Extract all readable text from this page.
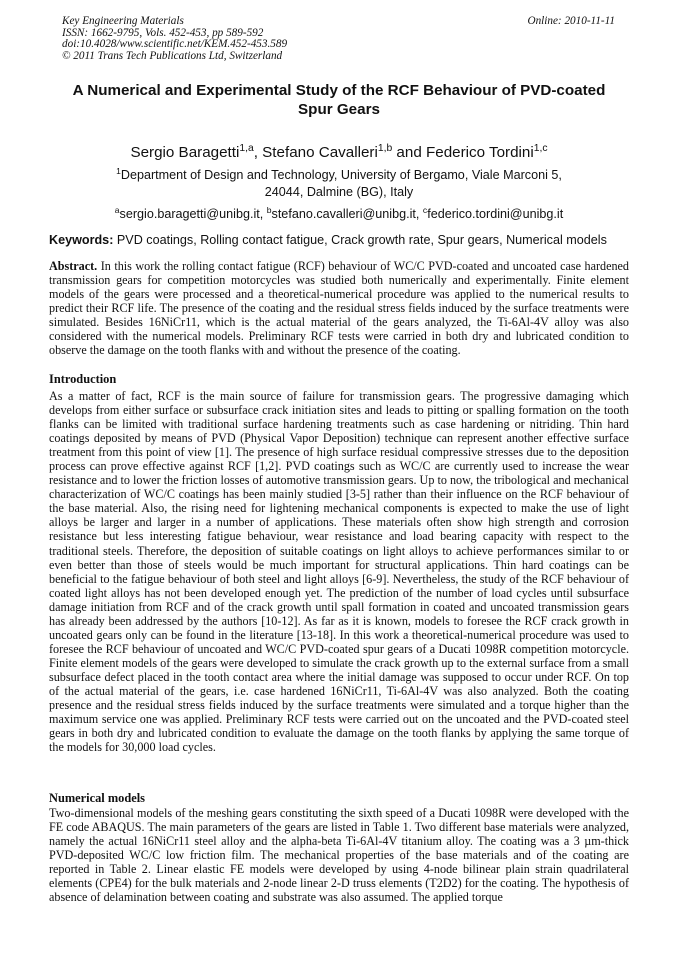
Key Engineering Materials
ISSN: 1662-9795, Vols. 452-453, pp 589-592
doi:10.4028/www.scientific.net/KEM.452-453.589
© 2011 Trans Tech Publications Ltd, Switzerland
Online: 2010-11-11
A Numerical and Experimental Study of the RCF Behaviour of PVD-coated
Spur Gears
Sergio Baragetti$^{1,a}$, Stefano Cavalleri$^{1,b}$ and Federico Tordini$^{1,c}$
$^1$Department of Design and Technology, University of Bergamo, Viale Marconi 5,
24044, Dalmine (BG), Italy
$^a$sergio.baragetti@unibg.it, $^b$stefano.cavalleri@unibg.it, $^c$federico.tordini@unibg.it
Keywords: PVD coatings, Rolling contact fatigue, Crack growth rate, Spur gears, Numerical models
Abstract. In this work the rolling contact fatigue (RCF) behaviour of WC/C PVD-coated and uncoated case hardened transmission gears for competition motorcycles was studied both numerically and experimentally. Finite element models of the gears were processed and a theoretical-numerical procedure was applied to the numerical results to predict their RCF life. The presence of the coating and the residual stress fields induced by the surface treatments were simulated. Besides 16NiCr11, which is the actual material of the gears analyzed, the Ti-6Al-4V alloy was also considered with the numerical models. Preliminary RCF tests were carried in both dry and lubricated condition to observe the damage on the tooth flanks with and without the presence of the coating.
Introduction
As a matter of fact, RCF is the main source of failure for transmission gears. The progressive damaging which develops from either surface or subsurface crack initiation sites and leads to pitting or spalling formation on the tooth flanks can be limited with traditional surface hardening treatments such as case hardening or nitriding. Thin hard coatings deposited by means of PVD (Physical Vapor Deposition) technique can represent another effective surface treatment from this point of view [1]. The presence of high surface residual compressive stresses due to the deposition process can prove effective against RCF [1,2]. PVD coatings such as WC/C are currently used to increase the wear resistance and to lower the friction losses of automotive transmission gears. Up to now, the tribological and mechanical characterization of WC/C coatings has been mainly studied [3-5] rather than their influence on the RCF behaviour of the base material. Also, the rising need for lightening mechanical components is expected to make the use of light alloys be larger and larger in a number of applications. These materials often show high strength and corrosion resistance but less interesting fatigue behaviour, wear resistance and load bearing capacity with respect to the traditional steels. Therefore, the deposition of suitable coatings on light alloys to achieve performances similar to or even better than those of steels would be much important for structural applications. Thin hard coatings can be beneficial to the fatigue behaviour of both steel and light alloys [6-9]. Nevertheless, the study of the RCF behaviour of coated light alloys has not been developed enough yet. The prediction of the number of load cycles until subsurface damage initiation from RCF and of the crack growth until spall formation in coated and uncoated transmission gears has already been addressed by the authors [10-12]. As far as it is known, models to foresee the RCF crack growth in uncoated gears only can be found in the literature [13-18]. In this work a theoretical-numerical procedure was used to foresee the RCF behaviour of uncoated and WC/C PVD-coated spur gears of a Ducati 1098R competition motorcycle. Finite element models of the gears were developed to simulate the crack growth up to the external surface from a small subsurface defect placed in the tooth contact area where the initial damage was supposed to occur under RCF. On top of the actual material of the gears, i.e. case hardened 16NiCr11, Ti-6Al-4V was also analyzed. Both the coating presence and the residual stress fields induced by the surface treatments were simulated and a torque higher than the maximum service one was applied. Preliminary RCF tests were carried out on the uncoated and the PVD-coated steel gears in both dry and lubricated condition to evaluate the damage on the tooth flanks by applying the same torque of the models for 30,000 load cycles.
Numerical models
Two-dimensional models of the meshing gears constituting the sixth speed of a Ducati 1098R were developed with the FE code ABAQUS. The main parameters of the gears are listed in Table 1. Two different base materials were analyzed, namely the actual 16NiCr11 steel alloy and the alpha-beta Ti-6Al-4V titanium alloy. The coating was a 3 µm-thick PVD-deposited WC/C low friction film. The mechanical properties of the base materials and of the coating are reported in Table 2. Linear elastic FE models were developed by using 4-node bilinear plain strain quadrilateral elements (CPE4) for the bulk materials and 2-node linear 2-D truss elements (T2D2) for the coating. The hypothesis of absence of delamination between coating and substrate was also assumed. The applied torque
